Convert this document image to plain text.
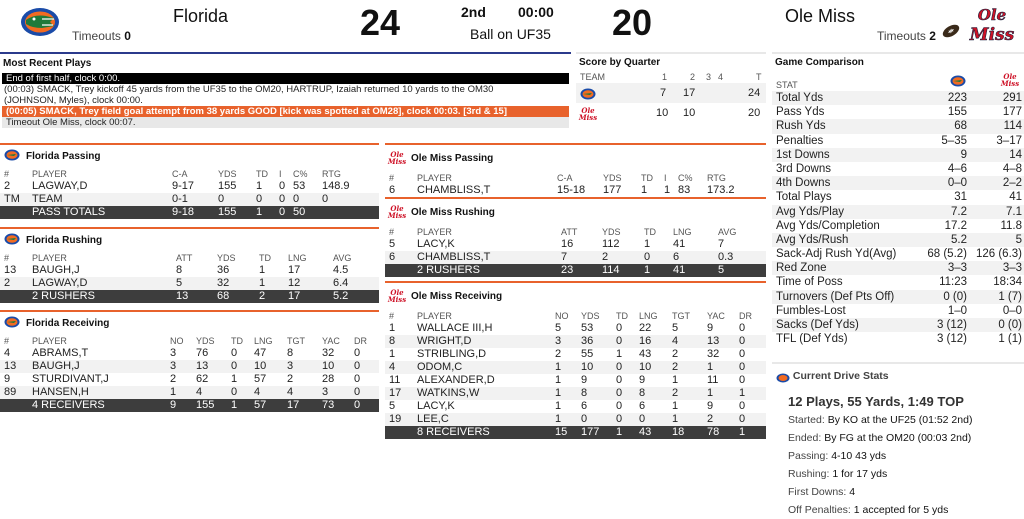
Florida
Timeouts 0	24	2nd 00:00
Ball on UF35 20	Ole Miss
Timeouts 2
Ole
Miss
Most Recent Plays
End of first half, clock 0:00.
(00:03) SMACK, Trey kickoff 45 yards from the UF35 to the OM20, HARTRUP, Izaiah returned 10 yards to the OM30
(JOHNSON, Myles), clock 00:00.
(00:05) SMACK, Trey field goal attempt from 38 yards GOOD [kick was spotted at OM28], clock 00:03. [3rd & 15]
Timeout Ole Miss, clock 00:07.
Score by Quarter
TEAM	1	2 3 4	T
7 17	24
Ole
Miss	10 10	20
Game Comparison
STAT
Ole
Miss
Total Yds	223	291
Pass Yds	155	177
Rush Yds	68	114
Penalties	5–35	3–17
1st Downs	9	14
3rd Downs	4–6	4–8
4th Downs	0–0	2–2
Total Plays	31	41
Avg Yds/Play	7.2	7.1
Avg Yds/Completion	17.2	11.8
Avg Yds/Rush	5.2	5
Sack-Adj Rush Yd(Avg)	68 (5.2) 126 (6.3)
Red Zone	3–3	3–3
Time of Poss	11:23 18:34
Turnovers (Def Pts Off)	0 (0)	1 (7)
Fumbles-Lost	1–0	0–0
Sacks (Def Yds)	3 (12)	0 (0)
TFL (Def Yds)	3 (12)	1 (1)
Current Drive Stats
12 Plays, 55 Yards, 1:49 TOP
Started: By KO at the UF25 (01:52 2nd)
Ended: By FG at the OM20 (00:03 2nd)
Passing: 4-10 43 yds
Rushing: 1 for 17 yds
First Downs: 4
Off Penalties: 1 accepted for 5 yds
Florida Passing
#	PLAYER	C-A	YDS TD I C% RTG
2 LAGWAY,D	9-17 155 1 0 53 148.9
TM TEAM	0-1	0	0 0 0 0
PASS TOTALS	9-18 155 1 0 50
Florida Rushing
#	PLAYER	ATT	YDS	TD LNG	AVG
13 BAUGH,J	8	36	1 17	4.5
2 LAGWAY,D	5	32	1 12	6.4
2 RUSHERS	13	68	2 17	5.2
Florida Receiving
#	PLAYER	NO YDS TD LNG TGT YAC DR
4 ABRAMS,T	3 76 0 47 8	32 0
13 BAUGH,J	3 13 0 10 3	10 0
9 STURDIVANT,J	2 62 1 57 2	28 0
89 HANSEN,H	1 4	0 4 4	3 0
4 RECEIVERS	9 155 1 57 17 73 0
Ole
Miss Ole Miss Passing
#	PLAYER	C-A	YDS TD I C% RTG
6 CHAMBLISS,T	15-18 177 1 1 83 173.2
Ole
Miss Ole Miss Rushing
#	PLAYER	ATT	YDS	TD LNG	AVG
5 LACY,K	16	112 1 41	7
6 CHAMBLISS,T	7	2	0 6	0.3
2 RUSHERS	23	114 1 41	5
Ole
Miss Ole Miss Receiving
#	PLAYER	NO YDS TD LNG TGT YAC DR
1 WALLACE III,H	5 53 0 22 5	9 0
8 WRIGHT,D	3 36 0 16 4	13 0
1 STRIBLING,D	2 55 1 43 2	32 0
4 ODOM,C	1 10 0 10 2	1 0
11 ALEXANDER,D	1 9	0 9 1	11 0
17 WATKINS,W	1 8	0 8 2	1 1
5 LACY,K	1 6	0 6 1	9 0
19 LEE,C	1 0	0 0 1	2 0
8 RECEIVERS	15 177 1 43 18 78 1
